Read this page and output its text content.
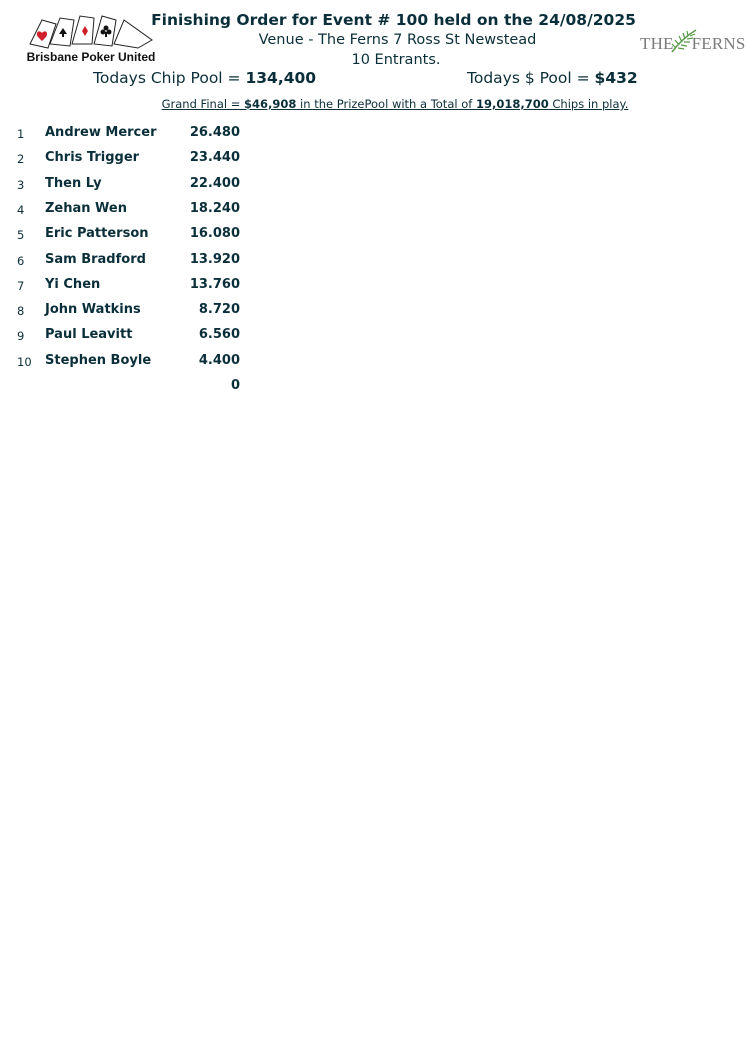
Brisbane Poker United
THE FERNS
Finishing Order for Event # 100 held on the 24/08/2025
Venue - The Ferns 7 Ross St Newstead
10 Entrants.
Todays Chip Pool = 134,400	Todays $ Pool = $432
Grand Final = $46,908 in the PrizePool with a Total of 19,018,700 Chips in play.
1 Andrew Mercer	26.480
2 Chris Trigger	23.440
3 Then Ly	22.400
4 Zehan Wen	18.240
5 Eric Patterson	16.080
6 Sam Bradford	13.920
7 Yi Chen	13.760
8 John Watkins	8.720
9 Paul Leavitt	6.560
10 Stephen Boyle	4.400
0
